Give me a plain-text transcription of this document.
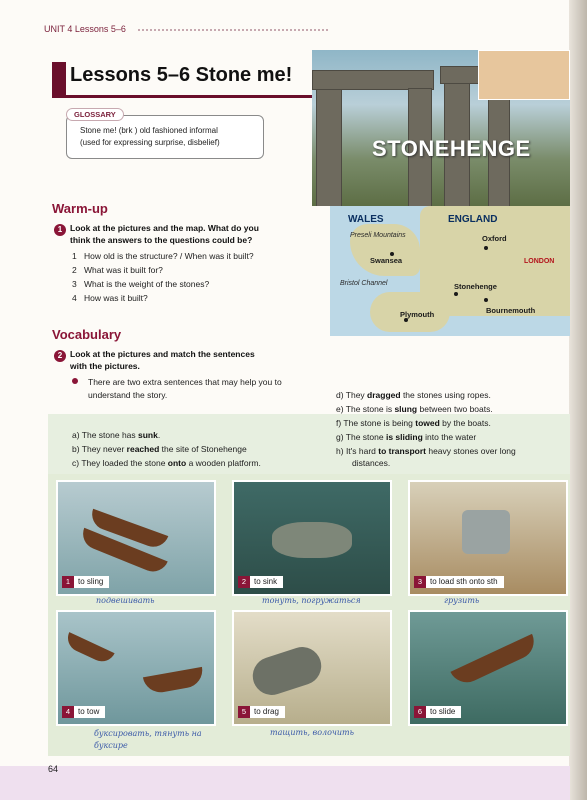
UNIT 4 Lessons 5–6
Lessons 5–6 Stone me!
GLOSSARY
Stone me! (brk ) old fashioned informal
(used for expressing surprise, disbelief)	STONEHENGE
WALES	ENGLAND
Preseli Mountains
Swansea
Oxford
LONDON
Bristol Channel	Stonehenge
Bournemouth
Plymouth
Warm-up
1 Look at the pictures and the map. What do you
think the answers to the questions could be?
1 How old is the structure? / When was it built?
2 What was it built for?
3 What is the weight of the stones?
4 How was it built?
Vocabulary
2 Look at the pictures and match the sentences
with the pictures.
There are two extra sentences that may help you to understand the story.
a) The stone has sunk.
b) They never reached the site of Stonehenge
c) They loaded the stone onto a wooden platform.
d) They dragged the stones using ropes.
e) The stone is slung between two boats.
f) The stone is being towed by the boats.
g) The stone is sliding into the water
h) It's hard to transport heavy stones over long
distances.
1 to sling	2 to sink	3 to load sth onto sth
подвешивать	тонуть, погружаться	грузить
4 to tow	5 to drag	6 to slide
буксировать, тянуть на буксире
тащить, волочить
64
